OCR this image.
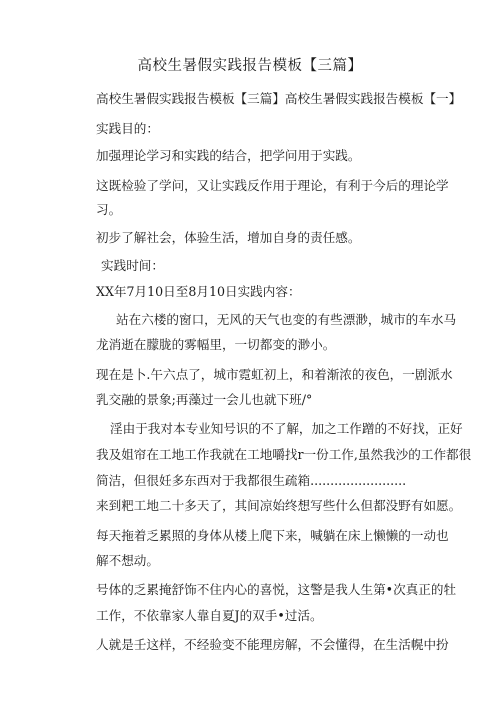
高校生暑假实践报告模板【三篇】
高校生暑假实践报告模板【三篇】高校生暑假实践报告模板【一】
实践目的：
加强理论学习和实践的结合，把学问用于实践。
这既检验了学问，又让实践反作用于理论，有利于今后的理论学
习。
初步了解社会，体验生活，增加自身的责任感。
实践时间：
XX年7月10日至8月10日实践内容：
站在六楼的窗口，无风的天气也变的有些漂渺，城市的车水马
龙消逝在朦胧的雾幅里，一切都变的渺小。
现在是卜.午六点了，城市霓虹初上，和着渐浓的夜色，一剧派水
乳交融的景象;再藻过一会儿也就下班/°
淫由于我对本专业知号识的不了解，加之工作蹭的不好找，正好
我及姐帘在工地工作我就在工地嚼找r一份工作,虽然我沙的工作都很
简洁，但很妊多东西对于我都很生疏箱........................
来到粑工地二十多天了，其间凉始终想写些什么但都没野有如愿。
每天拖着乏累照的身体从楼上爬下来，喊躺在床上懒懒的一动也
解不想动。
号体的乏累掩舒饰不住内心的喜悦，这警是我人生第•次真正的牡
工作，不依靠家人靠自夏J的双手•过活。
人就是壬这样，不经验变不能理房解，不会懂得，在生活幌中扮
